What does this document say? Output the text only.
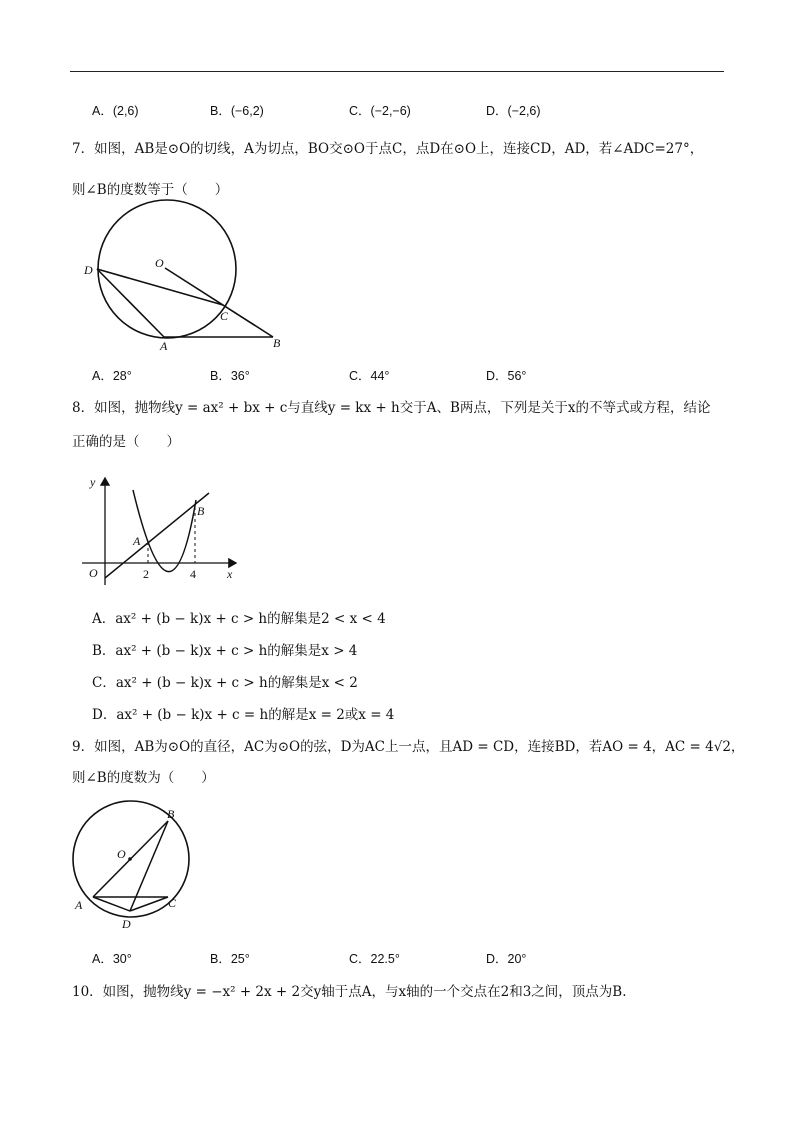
A．(2,6)	B．(−6,2)	C．(−2,−6)	D．(−2,6)
7．如图，AB是⊙O的切线，A为切点，BO交⊙O于点C，点D在⊙O上，连接CD，AD，若∠ADC=27°，
则∠B的度数等于（　　）
D	O
C
A	B
A．28°	B．36°	C．44°	D．56°
8．如图，抛物线y = ax² + bx + c与直线y = kx + h交于A、B两点，下列是关于x的不等式或方程，结论
正确的是（　　）
y
B
A
O	2	4	x
A．ax² + (b − k)x + c > h的解集是2 < x < 4
B．ax² + (b − k)x + c > h的解集是x > 4
C．ax² + (b − k)x + c > h的解集是x < 2
D．ax² + (b − k)x + c = h的解是x = 2或x = 4
9．如图，AB为⊙O的直径，AC为⊙O的弦，D为AC上一点，且AD = CD，连接BD，若AO = 4，AC = 4√2，
则∠B的度数为（　　）
B
O
A	C
D
A．30°	B．25°	C．22.5°	D．20°
10．如图，抛物线y = −x² + 2x + 2交y轴于点A，与x轴的一个交点在2和3之间，顶点为B.
